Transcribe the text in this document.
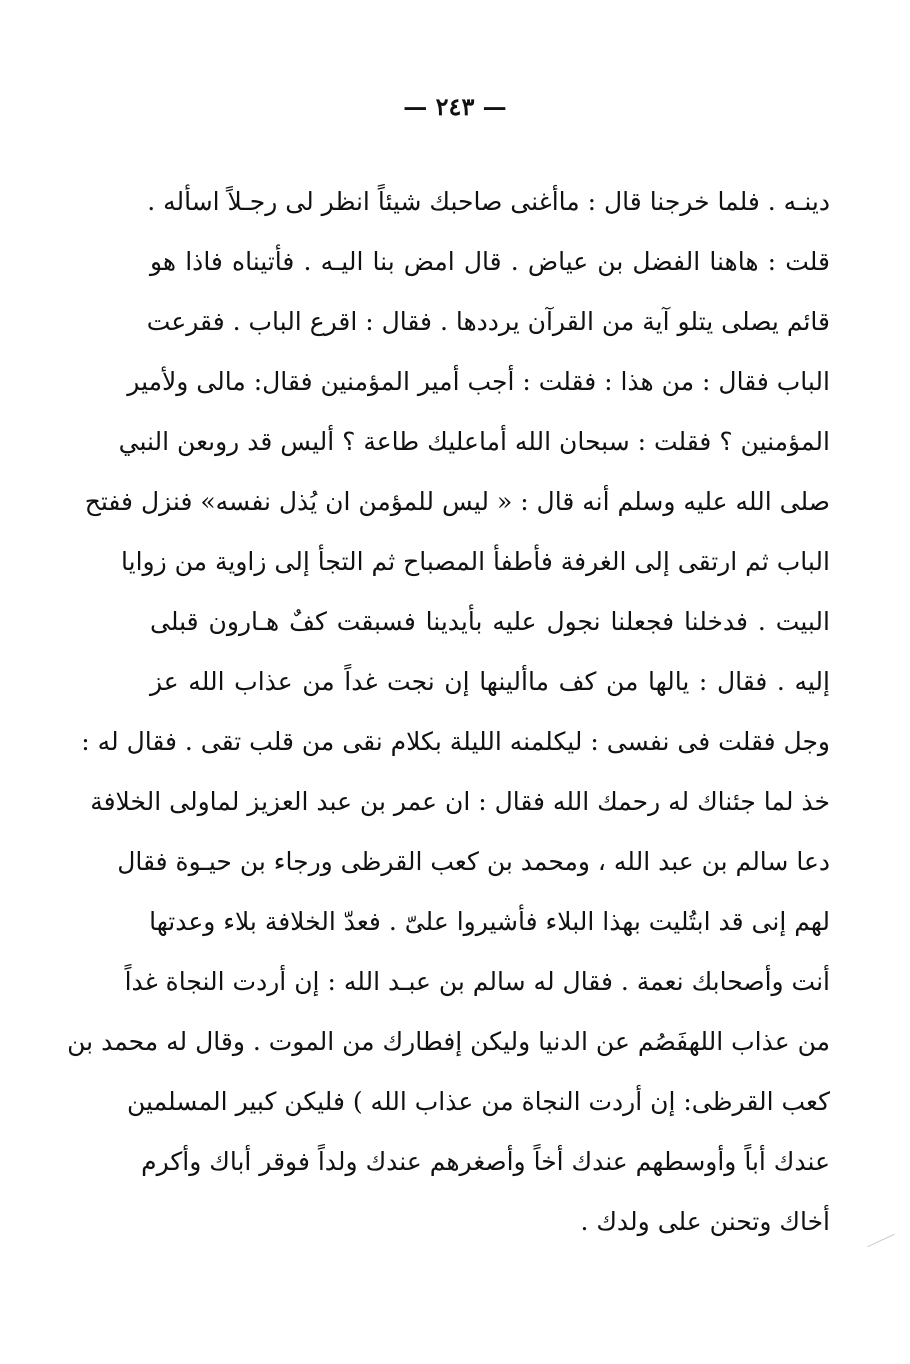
— ٢٤٣ —
دينـه . فلما خرجنا قال : ماأغنى صاحبك شيئاً انظر لى رجـلاً اسأله .
قلت : هاهنا الفضل بن عياض . قال امض بنا اليـه . فأتيناه فاذا هو
قائم يصلى يتلو آية من القرآن يرددها . فقال : اقرع الباب . فقرعت
الباب فقال : من هذا : فقلت : أجب أمير المؤمنين فقال: مالى ولأمير
المؤمنين ؟ فقلت : سبحان الله أماعليك طاعة ؟ أليس قد روىعن النبي
صلى الله عليه وسلم أنه قال : « ليس للمؤمن ان يُذل نفسه» فنزل ففتح
الباب ثم ارتقى إلى الغرفة فأطفأ المصباح ثم التجأ إلى زاوية من زوايا
البيت . فدخلنا فجعلنا نجول عليه بأيدينا فسبقت كفٌ هـارون قبلى
إليه . فقال : يالها من كف ماألينها إن نجت غداً من عذاب الله عز
وجل فقلت فى نفسى : ليكلمنه الليلة بكلام نقى من قلب تقى . فقال له :
خذ لما جئناك له رحمك الله فقال : ان عمر بن عبد العزيز لماولى الخلافة
دعا سالم بن عبد الله ، ومحمد بن كعب القرظى ورجاء بن حيـوة فقال
لهم إنى قد ابتُليت بهذا البلاء فأشيروا علىّ . فعدّ الخلافة بلاء وعدتها
أنت وأصحابك نعمة . فقال له سالم بن عبـد الله : إن أردت النجاة غداً
من عذاب اللهفَصُم عن الدنيا وليكن إفطارك من الموت . وقال له محمد بن
كعب القرظى: إن أردت النجاة من عذاب الله ) فليكن كبير المسلمين
عندك أباً وأوسطهم عندك أخاً وأصغرهم عندك ولداً فوقر أباك وأكرم
أخاك وتحنن على ولدك .
